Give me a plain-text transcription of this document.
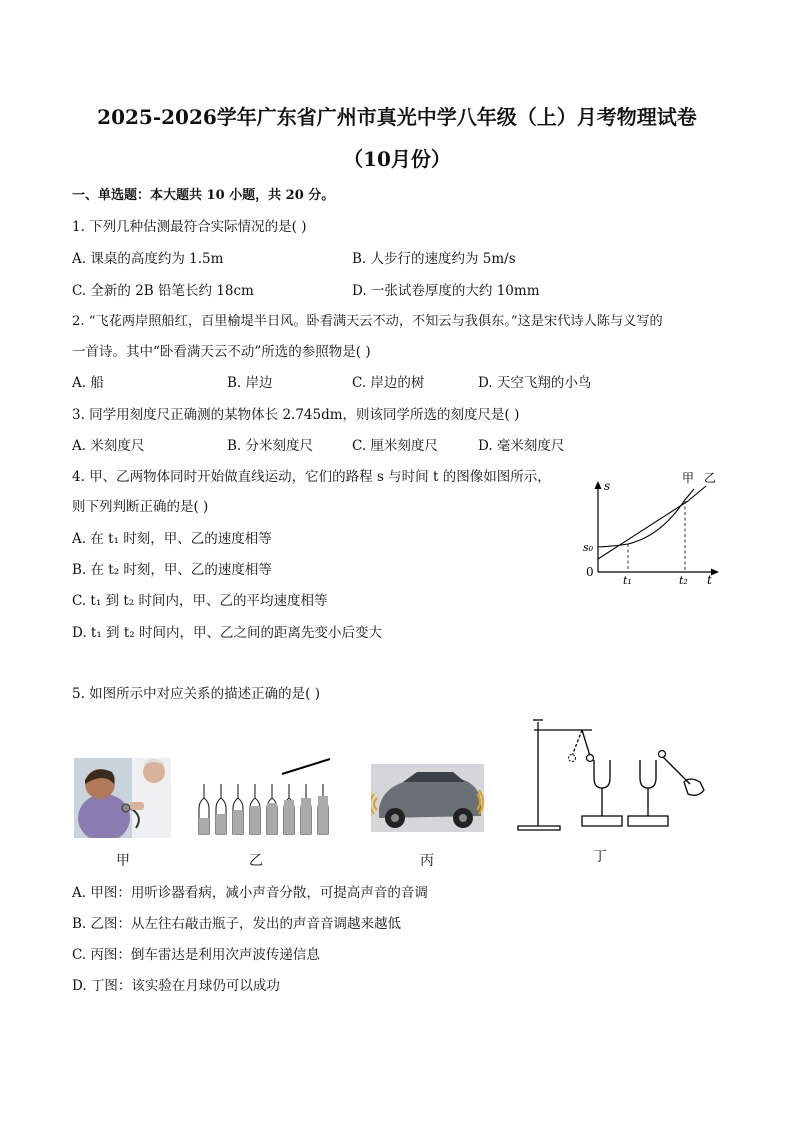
2025-2026学年广东省广州市真光中学八年级（上）月考物理试卷
（10月份）
一、单选题：本大题共 10 小题，共 20 分。
1. 下列几种估测最符合实际情况的是( )
A. 课桌的高度约为 1.5m	B. 人步行的速度约为 5m/s
C. 全新的 2B 铅笔长约 18cm	D. 一张试卷厚度的大约 10mm
2. “飞花两岸照船红，百里榆堤半日风。卧看满天云不动，不知云与我俱东。”这是宋代诗人陈与义写的
一首诗。其中“卧看满天云不动”所选的参照物是( )
A. 船	B. 岸边	C. 岸边的树	D. 天空飞翔的小鸟
3. 同学用刻度尺正确测的某物体长 2.745dm，则该同学所选的刻度尺是( )
A. 米刻度尺	B. 分米刻度尺	C. 厘米刻度尺	D. 毫米刻度尺
4. 甲、乙两物体同时开始做直线运动，它们的路程 s 与时间 t 的图像如图所示，
则下列判断正确的是( )
A. 在 t₁ 时刻，甲、乙的速度相等
B. 在 t₂ 时刻，甲、乙的速度相等
C. t₁ 到 t₂ 时间内，甲、乙的平均速度相等
D. t₁ 到 t₂ 时间内，甲、乙之间的距离先变小后变大
s
t
s₀
0
t₁	t₂
甲 乙
5. 如图所示中对应关系的描述正确的是( )
甲	乙	丙	丁
A. 甲图：用听诊器看病，减小声音分散，可提高声音的音调
B. 乙图：从左往右敲击瓶子，发出的声音音调越来越低
C. 丙图：倒车雷达是利用次声波传递信息
D. 丁图：该实验在月球仍可以成功
